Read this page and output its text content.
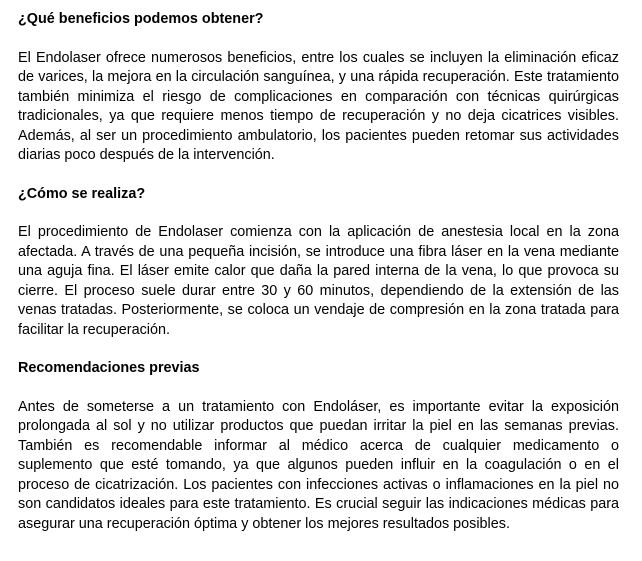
¿Qué beneficios podemos obtener?

El Endolaser ofrece numerosos beneficios, entre los cuales se incluyen la eliminación eficaz de varices, la mejora en la circulación sanguínea, y una rápida recuperación. Este tratamiento también minimiza el riesgo de complicaciones en comparación con técnicas quirúrgicas tradicionales, ya que requiere menos tiempo de recuperación y no deja cicatrices visibles. Además, al ser un procedimiento ambulatorio, los pacientes pueden retomar sus actividades diarias poco después de la intervención.

¿Cómo se realiza?

El procedimiento de Endolaser comienza con la aplicación de anestesia local en la zona afectada. A través de una pequeña incisión, se introduce una fibra láser en la vena mediante una aguja fina. El láser emite calor que daña la pared interna de la vena, lo que provoca su cierre. El proceso suele durar entre 30 y 60 minutos, dependiendo de la extensión de las venas tratadas. Posteriormente, se coloca un vendaje de compresión en la zona tratada para facilitar la recuperación.

Recomendaciones previas

Antes de someterse a un tratamiento con Endoláser, es importante evitar la exposición prolongada al sol y no utilizar productos que puedan irritar la piel en las semanas previas. También es recomendable informar al médico acerca de cualquier medicamento o suplemento que esté tomando, ya que algunos pueden influir en la coagulación o en el proceso de cicatrización. Los pacientes con infecciones activas o inflamaciones en la piel no son candidatos ideales para este tratamiento. Es crucial seguir las indicaciones médicas para asegurar una recuperación óptima y obtener los mejores resultados posibles.
